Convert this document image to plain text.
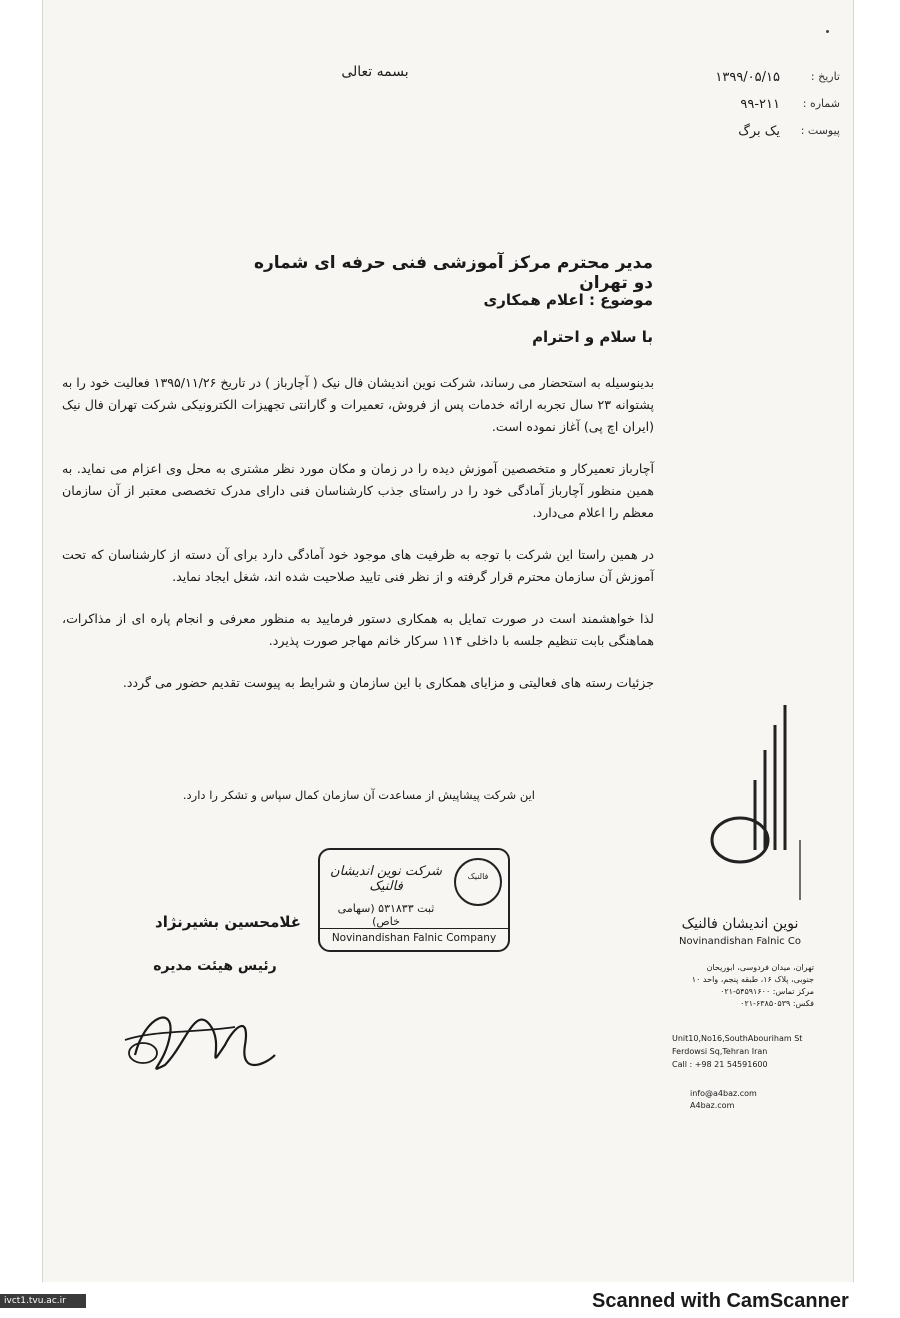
بسمه تعالی	تاریخ :
۱۳۹۹/۰۵/۱۵
شماره :
۹۹-۲۱۱
پیوست :
یک برگ
مدیر محترم مرکز آموزشی فنی حرفه ای شماره دو تهران
موضوع : اعلام همکاری
با سلام و احترام

بدینوسیله به استحضار می رساند، شرکت نوین اندیشان فال نیک ( آچارباز ) در تاریخ ۱۳۹۵/۱۱/۲۶ فعالیت خود را به پشتوانه ۲۳ سال تجربه ارائه خدمات پس از فروش، تعمیرات و گارانتی تجهیزات الکترونیکی شرکت تهران فال نیک (ایران اچ پی) آغاز نموده است.

آچارباز تعمیرکار و متخصصین آموزش دیده را در زمان و مکان مورد نظر مشتری به محل وی اعزام می نماید. به همین منظور آچارباز آمادگی خود را در راستای جذب کارشناسان فنی دارای مدرک تخصصی معتبر از آن سازمان معظم را اعلام می‌دارد.

در همین راستا این شرکت با توجه به ظرفیت های موجود خود آمادگی دارد برای آن دسته از کارشناسان که تحت آموزش آن سازمان محترم قرار گرفته و از نظر فنی تایید صلاحیت شده اند، شغل ایجاد نماید.

لذا خواهشمند است در صورت تمایل به همکاری دستور فرمایید به منظور معرفی و انجام پاره ای از مذاکرات، هماهنگی بابت تنظیم جلسه با داخلی ۱۱۴ سرکار خانم مهاجر صورت پذیرد.

جزئیات رسته های فعالیتی و مزایای همکاری با این سازمان و شرایط به پیوست تقدیم حضور می گردد.

این شرکت پیشاپیش از مساعدت آن سازمان کمال سپاس و تشکر را دارد.
شرکت نوین اندیشان فالنیک
ثبت ۵۳۱۸۳۳ (سهامی خاص)
فالنیک
Novinandishan Falnic Company
غلامحسین بشیرنژاد
رئیس هیئت مدیره
نوین اندیشان فالنیک
Novinandishan Falnic Co
تهران، میدان فردوسی، ابوریحان
جنوبی، پلاک ۱۶، طبقه پنجم، واحد ۱۰
مرکز تماس: ۵۴۵۹۱۶۰۰-۰۲۱
فکس: ۶۳۸۵۰۵۳۹-۰۲۱
Unit10,No16,SouthAbouriham St
Ferdowsi Sq,Tehran Iran
Call : +98 21 54591600
info@a4baz.com
A4baz.com
ivct1.tvu.ac.ir	Scanned with CamScanner
